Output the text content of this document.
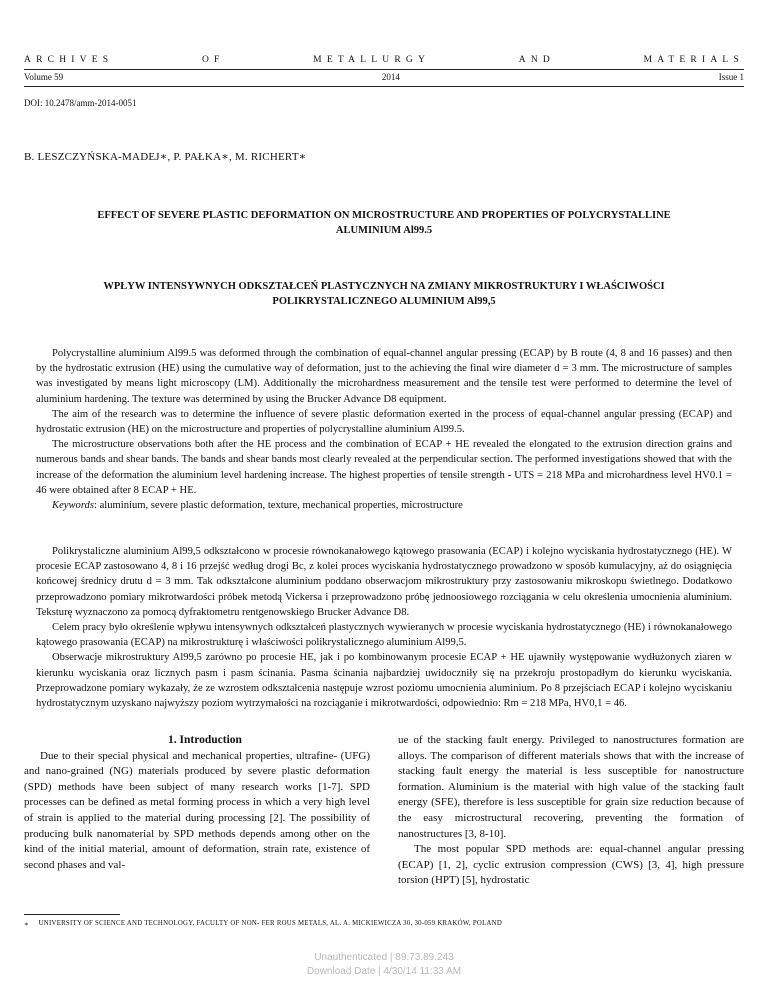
ARCHIVES	OF	METALLURGY	AND	MATERIALS
Volume 59	2014	Issue 1
DOI: 10.2478/amm-2014-0051
B. LESZCZYŃSKA-MADEJ∗, P. PAŁKA∗, M. RICHERT∗
EFFECT OF SEVERE PLASTIC DEFORMATION ON MICROSTRUCTURE AND PROPERTIES OF POLYCRYSTALLINE ALUMINIUM Al99.5
WPŁYW INTENSYWNYCH ODKSZTAŁCEŃ PLASTYCZNYCH NA ZMIANY MIKROSTRUKTURY I WŁAŚCIWOŚCI POLIKRYSTALICZNEGO ALUMINIUM Al99,5

Polycrystalline aluminium Al99.5 was deformed through the combination of equal-channel angular pressing (ECAP) by B route (4, 8 and 16 passes) and then by the hydrostatic extrusion (HE) using the cumulative way of deformation, just to the achieving the final wire diameter d = 3 mm. The microstructure of samples was investigated by means light microscopy (LM). Additionally the microhardness measurement and the tensile test were performed to determine the level of aluminium hardening. The texture was determined by using the Brucker Advance D8 equipment.

The aim of the research was to determine the influence of severe plastic deformation exerted in the process of equal-channel angular pressing (ECAP) and hydrostatic extrusion (HE) on the microstructure and properties of polycrystalline aluminium Al99.5.

The microstructure observations both after the HE process and the combination of ECAP + HE revealed the elongated to the extrusion direction grains and numerous bands and shear bands. The bands and shear bands most clearly revealed at the perpendicular section. The performed investigations showed that with the increase of the deformation the aluminium level hardening increase. The highest properties of tensile strength - UTS = 218 MPa and microhardness level HV0.1 = 46 were obtained after 8 ECAP + HE.

Keywords: aluminium, severe plastic deformation, texture, mechanical properties, microstructure

Polikrystaliczne aluminium Al99,5 odkształcono w procesie równokanałowego kątowego prasowania (ECAP) i kolejno wyciskania hydrostatycznego (HE). W procesie ECAP zastosowano 4, 8 i 16 przejść według drogi Bc, z kolei proces wyciskania hydrostatycznego prowadzono w sposób kumulacyjny, aż do osiągnięcia końcowej średnicy drutu d = 3 mm. Tak odkształcone aluminium poddano obserwacjom mikrostruktury przy zastosowaniu mikroskopu świetlnego. Dodatkowo przeprowadzono pomiary mikrotwardości próbek metodą Vickersa i przeprowadzono próbę jednoosiowego rozciągania w celu określenia umocnienia aluminium. Teksturę wyznaczono za pomocą dyfraktometru rentgenowskiego Brucker Advance D8.

Celem pracy było określenie wpływu intensywnych odkształceń plastycznych wywieranych w procesie wyciskania hydrostatycznego (HE) i równokanałowego kątowego prasowania (ECAP) na mikrostrukturę i właściwości polikrystalicznego aluminium Al99,5.

Obserwacje mikrostruktury Al99,5 zarówno po procesie HE, jak i po kombinowanym procesie ECAP + HE ujawniły występowanie wydłużonych ziaren w kierunku wyciskania oraz licznych pasm i pasm ścinania. Pasma ścinania najbardziej uwidoczniły się na przekroju prostopadłym do kierunku wyciskania. Przeprowadzone pomiary wykazały, że ze wzrostem odkształcenia następuje wzrost poziomu umocnienia aluminium. Po 8 przejściach ECAP i kolejno wyciskaniu hydrostatycznym uzyskano najwyższy poziom wytrzymałości na rozciąganie i mikrotwardości, odpowiednio: Rm = 218 MPa, HV0,1 = 46.

1. Introduction

Due to their special physical and mechanical properties, ultrafine- (UFG) and nano-grained (NG) materials produced by severe plastic deformation (SPD) methods have been subject of many research works [1-7]. SPD processes can be defined as metal forming process in which a very high level of strain is applied to the material during processing [2]. The possibility of producing bulk nanomaterial by SPD methods depends among other on the kind of the initial material, amount of deformation, strain rate, existence of second phases and val-

ue of the stacking fault energy. Privileged to nanostructures formation are alloys. The comparison of different materials shows that with the increase of stacking fault energy the material is less susceptible for nanostructure formation. Aluminium is the material with high value of the stacking fault energy (SFE), therefore is less susceptible for grain size reduction because of the easy microstructural recovering, preventing the formation of nanostructures [3, 8-10].

The most popular SPD methods are: equal-channel angular pressing (ECAP) [1, 2], cyclic extrusion compression (CWS) [3, 4], high pressure torsion (HPT) [5], hydrostatic

∗ UNIVERSITY OF SCIENCE AND TECHNOLOGY, FACULTY OF NON- FER ROUS METALS, AL. A. MICKIEWICZA 30, 30-059 KRAKÓW, POLAND
Unauthenticated | 89.73.89.243
Download Date | 4/30/14 11:33 AM
